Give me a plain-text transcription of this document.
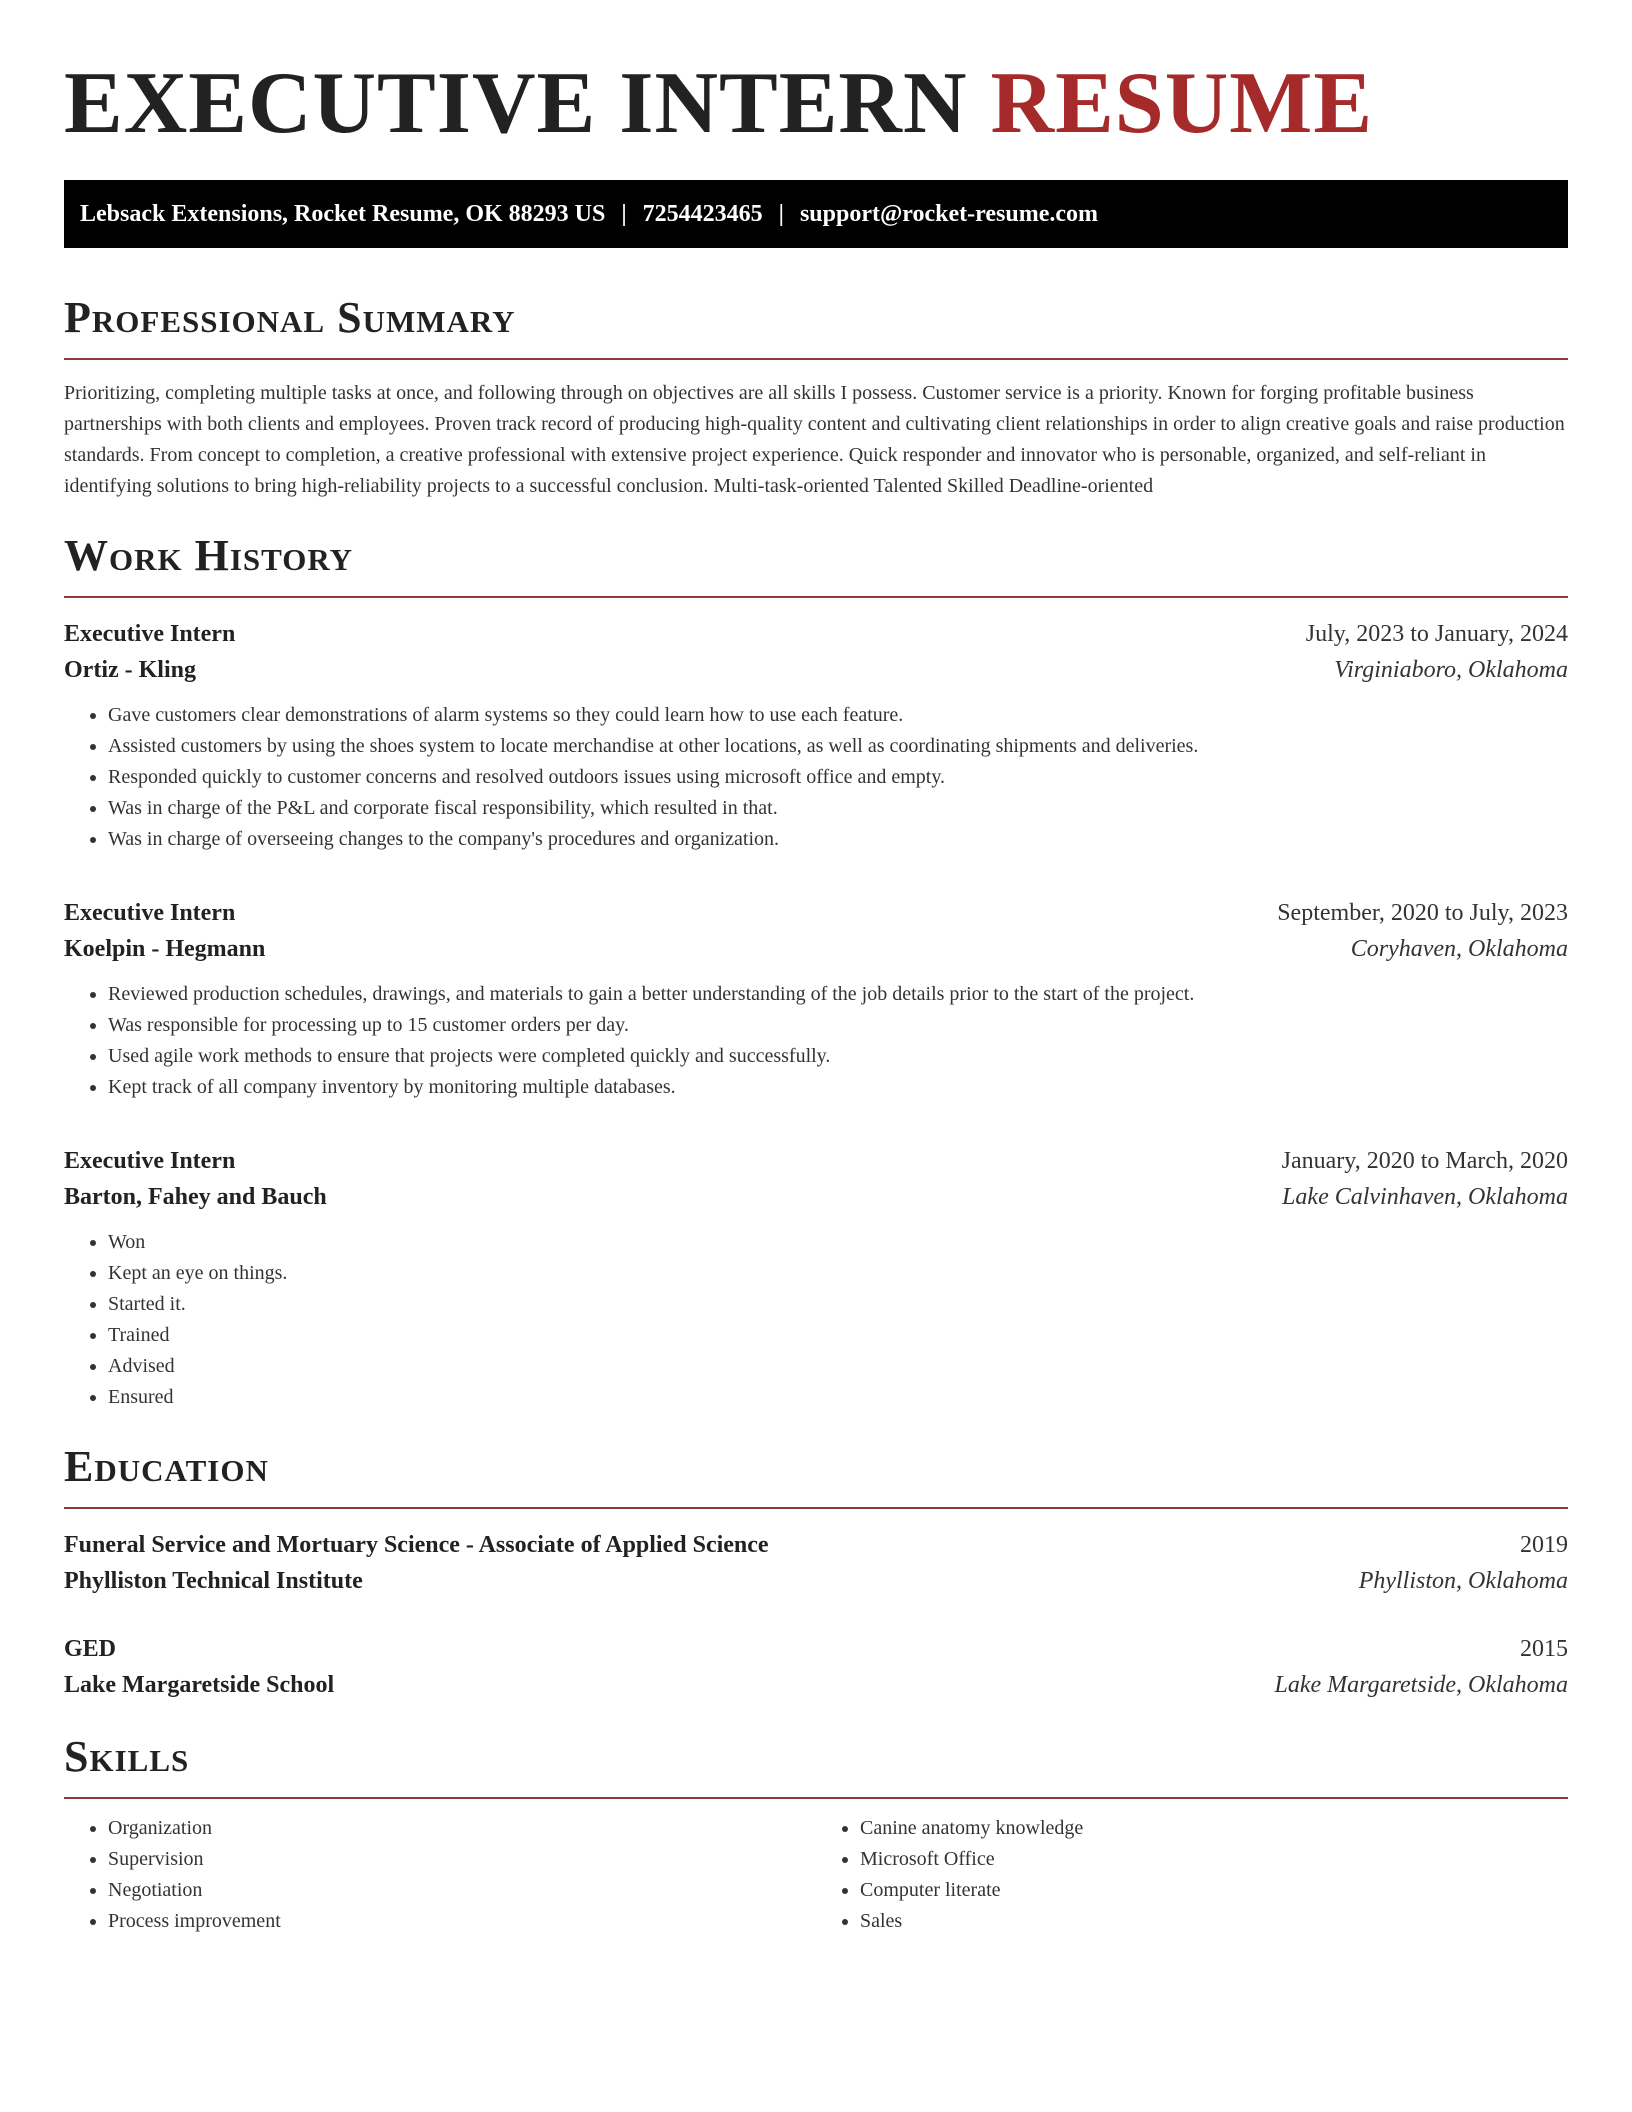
EXECUTIVE INTERN RESUME
Lebsack Extensions, Rocket Resume, OK 88293 US | 7254423465 | support@rocket-resume.com
Professional Summary

Prioritizing, completing multiple tasks at once, and following through on objectives are all skills I possess. Customer service is a priority. Known for forging profitable business partnerships with both clients and employees. Proven track record of producing high-quality content and cultivating client relationships in order to align creative goals and raise production standards. From concept to completion, a creative professional with extensive project experience. Quick responder and innovator who is personable, organized, and self-reliant in identifying solutions to bring high-reliability projects to a successful conclusion. Multi-task-oriented Talented Skilled Deadline-oriented

Work History
Executive Intern	July, 2023 to January, 2024
Ortiz - Kling	Virginiaboro, Oklahoma
• Gave customers clear demonstrations of alarm systems so they could learn how to use each feature.
• Assisted customers by using the shoes system to locate merchandise at other locations, as well as coordinating shipments and deliveries.
• Responded quickly to customer concerns and resolved outdoors issues using microsoft office and empty.
• Was in charge of the P&L and corporate fiscal responsibility, which resulted in that.
• Was in charge of overseeing changes to the company's procedures and organization.
Executive Intern	September, 2020 to July, 2023
Koelpin - Hegmann	Coryhaven, Oklahoma
• Reviewed production schedules, drawings, and materials to gain a better understanding of the job details prior to the start of the project.
• Was responsible for processing up to 15 customer orders per day.
• Used agile work methods to ensure that projects were completed quickly and successfully.
• Kept track of all company inventory by monitoring multiple databases.
Executive Intern	January, 2020 to March, 2020
Barton, Fahey and Bauch	Lake Calvinhaven, Oklahoma
• Won
• Kept an eye on things.
• Started it.
• Trained
• Advised
• Ensured
Education
Funeral Service and Mortuary Science - Associate of Applied Science	2019
Phylliston Technical Institute	Phylliston, Oklahoma
GED	2015
Lake Margaretside School	Lake Margaretside, Oklahoma
Skills
• Organization
• Supervision
• Negotiation
• Process improvement
• Canine anatomy knowledge
• Microsoft Office
• Computer literate
• Sales
